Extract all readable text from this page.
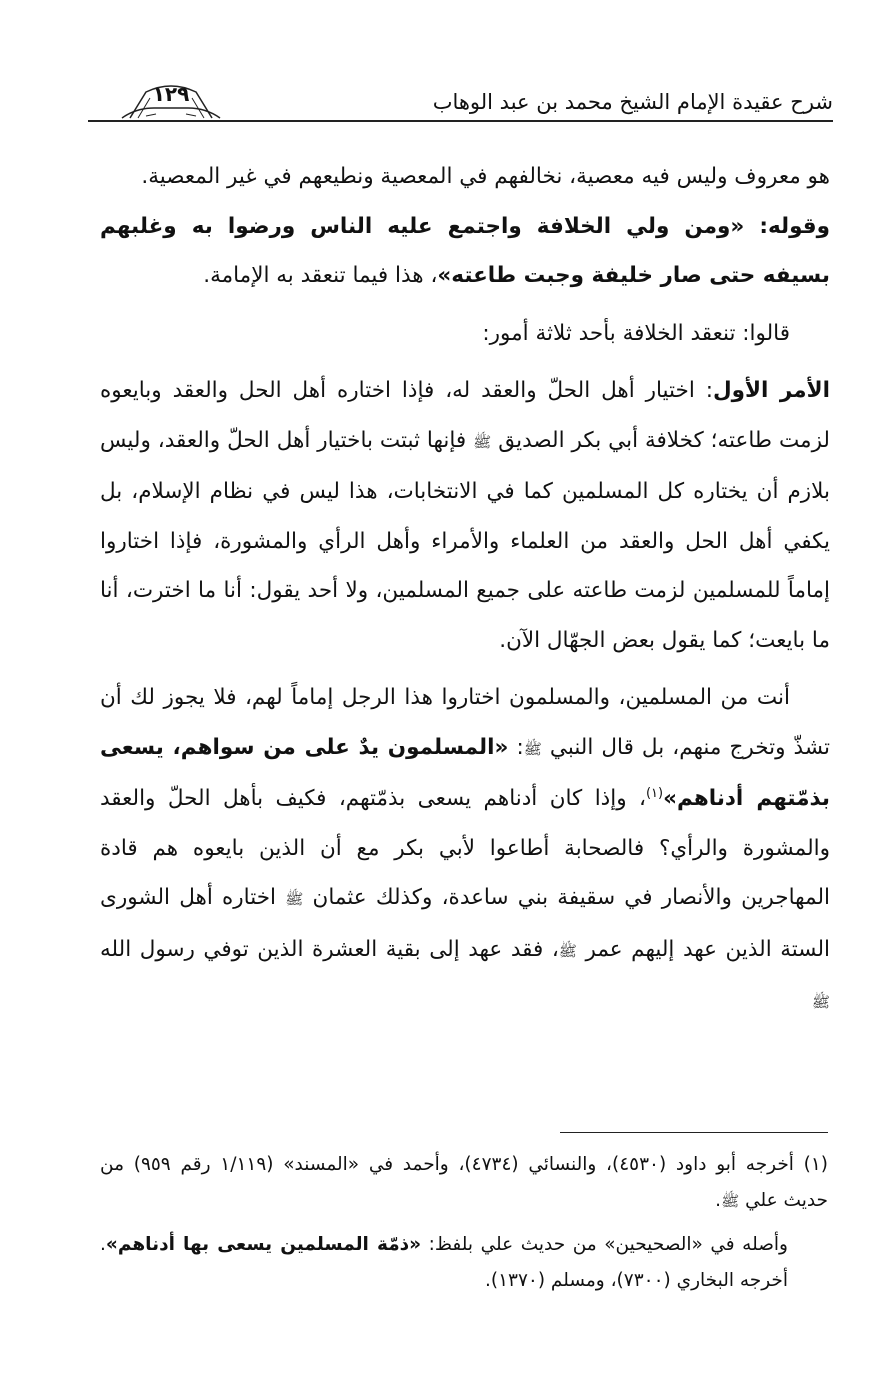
١٢٩	شرح عقيدة الإمام الشيخ محمد بن عبد الوهاب

هو معروف وليس فيه معصية، نخالفهم في المعصية ونطيعهم في غير المعصية.

وقوله: «ومن ولي الخلافة واجتمع عليه الناس ورضوا به وغلبهم بسيفه حتى صار خليفة وجبت طاعته»، هذا فيما تنعقد به الإمامة.

قالوا: تنعقد الخلافة بأحد ثلاثة أمور:

الأمر الأول: اختيار أهل الحلّ والعقد له، فإذا اختاره أهل الحل والعقد وبايعوه لزمت طاعته؛ كخلافة أبي بكر الصديق ﷺ فإنها ثبتت باختيار أهل الحلّ والعقد، وليس بلازم أن يختاره كل المسلمين كما في الانتخابات، هذا ليس في نظام الإسلام، بل يكفي أهل الحل والعقد من العلماء والأمراء وأهل الرأي والمشورة، فإذا اختاروا إماماً للمسلمين لزمت طاعته على جميع المسلمين، ولا أحد يقول: أنا ما اخترت، أنا ما بايعت؛ كما يقول بعض الجهّال الآن.

أنت من المسلمين، والمسلمون اختاروا هذا الرجل إماماً لهم، فلا يجوز لك أن تشذّ وتخرج منهم، بل قال النبي ﷺ: «المسلمون يدٌ على من سواهم، يسعى بذمّتهم أدناهم»$^{(١)}$، وإذا كان أدناهم يسعى بذمّتهم، فكيف بأهل الحلّ والعقد والمشورة والرأي؟ فالصحابة أطاعوا لأبي بكر مع أن الذين بايعوه هم قادة المهاجرين والأنصار في سقيفة بني ساعدة، وكذلك عثمان ﷺ اختاره أهل الشورى الستة الذين عهد إليهم عمر ﷺ، فقد عهد إلى بقية العشرة الذين توفي رسول الله ﷺ

(١) أخرجه أبو داود (٤٥٣٠)، والنسائي (٤٧٣٤)، وأحمد في «المسند» (١/١١٩ رقم ٩٥٩) من حديث علي ﷺ.

وأصله في «الصحيحين» من حديث علي بلفظ: «ذمّة المسلمين يسعى بها أدناهم». أخرجه البخاري (٧٣٠٠)، ومسلم (١٣٧٠).
